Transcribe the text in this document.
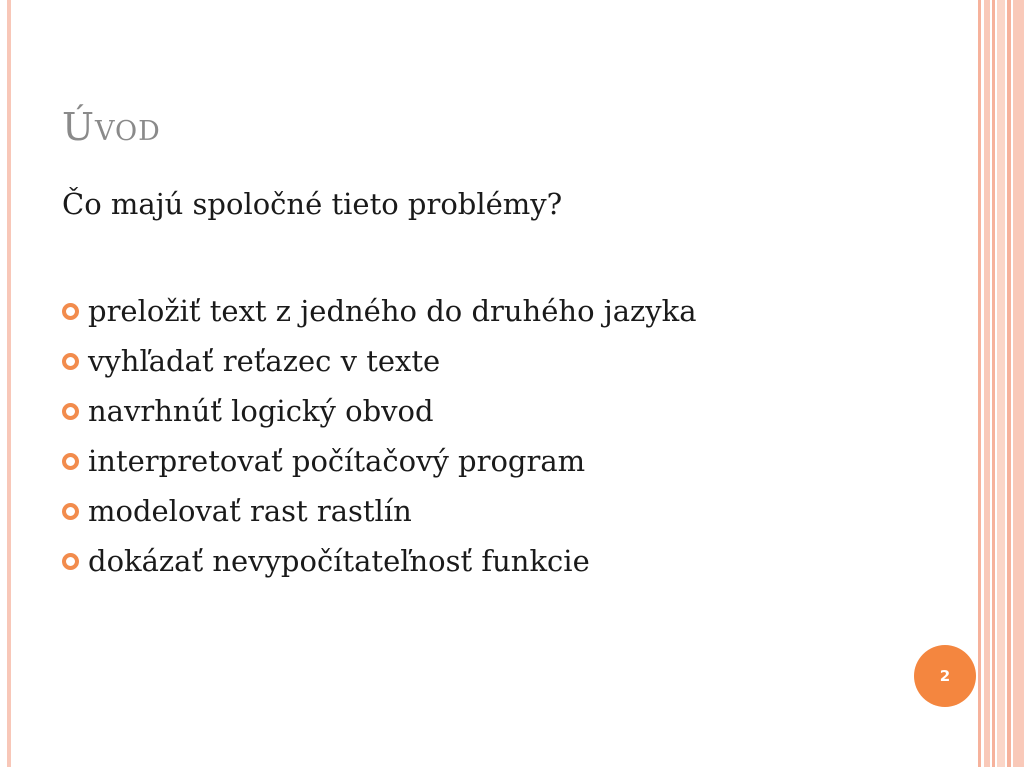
Úvod
Čo majú spoločné tieto problémy?
preložiť text z jedného do druhého jazyka
vyhľadať reťazec v texte
navrhnúť logický obvod
interpretovať počítačový program
modelovať rast rastlín
dokázať nevypočítateľnosť funkcie
2
